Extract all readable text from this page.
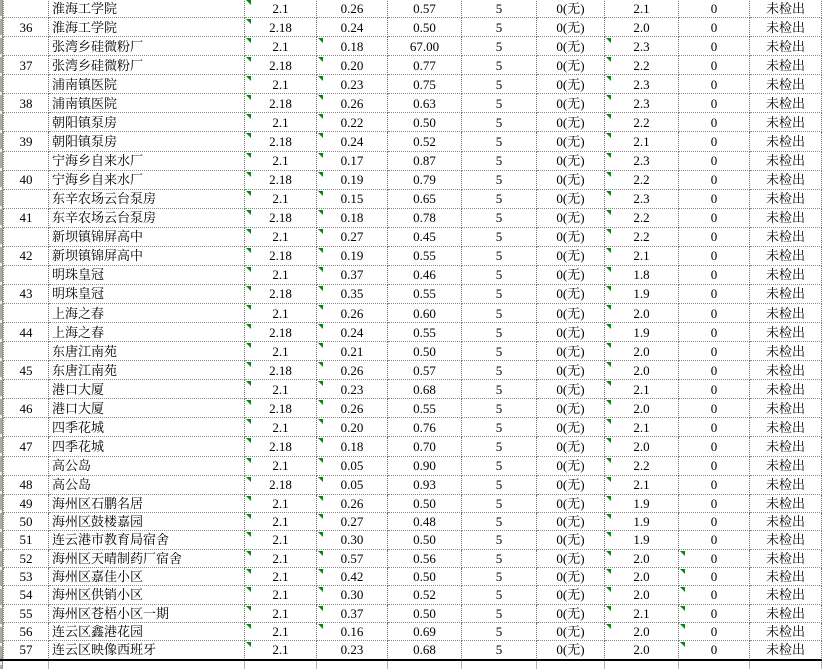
淮海工学院	2.1	0.26	0.57	5	0(无)	2.1	0	未检出
36 淮海工学院	2.18	0.24	0.50	5	0(无)	2.0	0	未检出
张湾乡硅微粉厂	2.1	0.18	67.00	5	0(无)	2.3	0	未检出
37 张湾乡硅微粉厂	2.18	0.20	0.77	5	0(无)	2.2	0	未检出
浦南镇医院	2.1	0.23	0.75	5	0(无)	2.3	0	未检出
38 浦南镇医院	2.18	0.26	0.63	5	0(无)	2.3	0	未检出
朝阳镇泵房	2.1	0.22	0.50	5	0(无)	2.2	0	未检出
39 朝阳镇泵房	2.18	0.24	0.52	5	0(无)	2.1	0	未检出
宁海乡自来水厂	2.1	0.17	0.87	5	0(无)	2.3	0	未检出
40 宁海乡自来水厂	2.18	0.19	0.79	5	0(无)	2.2	0	未检出
东辛农场云台泵房	2.1	0.15	0.65	5	0(无)	2.3	0	未检出
41 东辛农场云台泵房	2.18	0.18	0.78	5	0(无)	2.2	0	未检出
新坝镇锦屏高中	2.1	0.27	0.45	5	0(无)	2.2	0	未检出
42 新坝镇锦屏高中	2.18	0.19	0.55	5	0(无)	2.1	0	未检出
明珠皇冠	2.1	0.37	0.46	5	0(无)	1.8	0	未检出
43 明珠皇冠	2.18	0.35	0.55	5	0(无)	1.9	0	未检出
上海之春	2.1	0.26	0.60	5	0(无)	2.0	0	未检出
44 上海之春	2.18	0.24	0.55	5	0(无)	1.9	0	未检出
东唐江南苑	2.1	0.21	0.50	5	0(无)	2.0	0	未检出
45 东唐江南苑	2.18	0.26	0.57	5	0(无)	2.0	0	未检出
港口大厦	2.1	0.23	0.68	5	0(无)	2.1	0	未检出
46 港口大厦	2.18	0.26	0.55	5	0(无)	2.0	0	未检出
四季花城	2.1	0.20	0.76	5	0(无)	2.1	0	未检出
47 四季花城	2.18	0.18	0.70	5	0(无)	2.0	0	未检出
高公岛	2.1	0.05	0.90	5	0(无)	2.2	0	未检出
48 高公岛	2.18	0.05	0.93	5	0(无)	2.1	0	未检出
49 海州区石鹏名居	2.1	0.26	0.50	5	0(无)	1.9	0	未检出
50 海州区鼓楼嘉园	2.1	0.27	0.48	5	0(无)	1.9	0	未检出
51 连云港市教育局宿舍	2.1	0.30	0.50	5	0(无)	1.9	0	未检出
52 海州区天晴制药厂宿舍	2.1	0.57	0.56	5	0(无)	2.0	0	未检出
53 海州区嘉佳小区	2.1	0.42	0.50	5	0(无)	2.0	0	未检出
54 海州区供销小区	2.1	0.30	0.52	5	0(无)	2.0	0	未检出
55 海州区苍梧小区一期	2.1	0.37	0.50	5	0(无)	2.1	0	未检出
56 连云区鑫港花园	2.1	0.16	0.69	5	0(无)	2.0	0	未检出
57 连云区映像西班牙	2.1	0.23	0.68	5	0(无)	2.0	0	未检出
